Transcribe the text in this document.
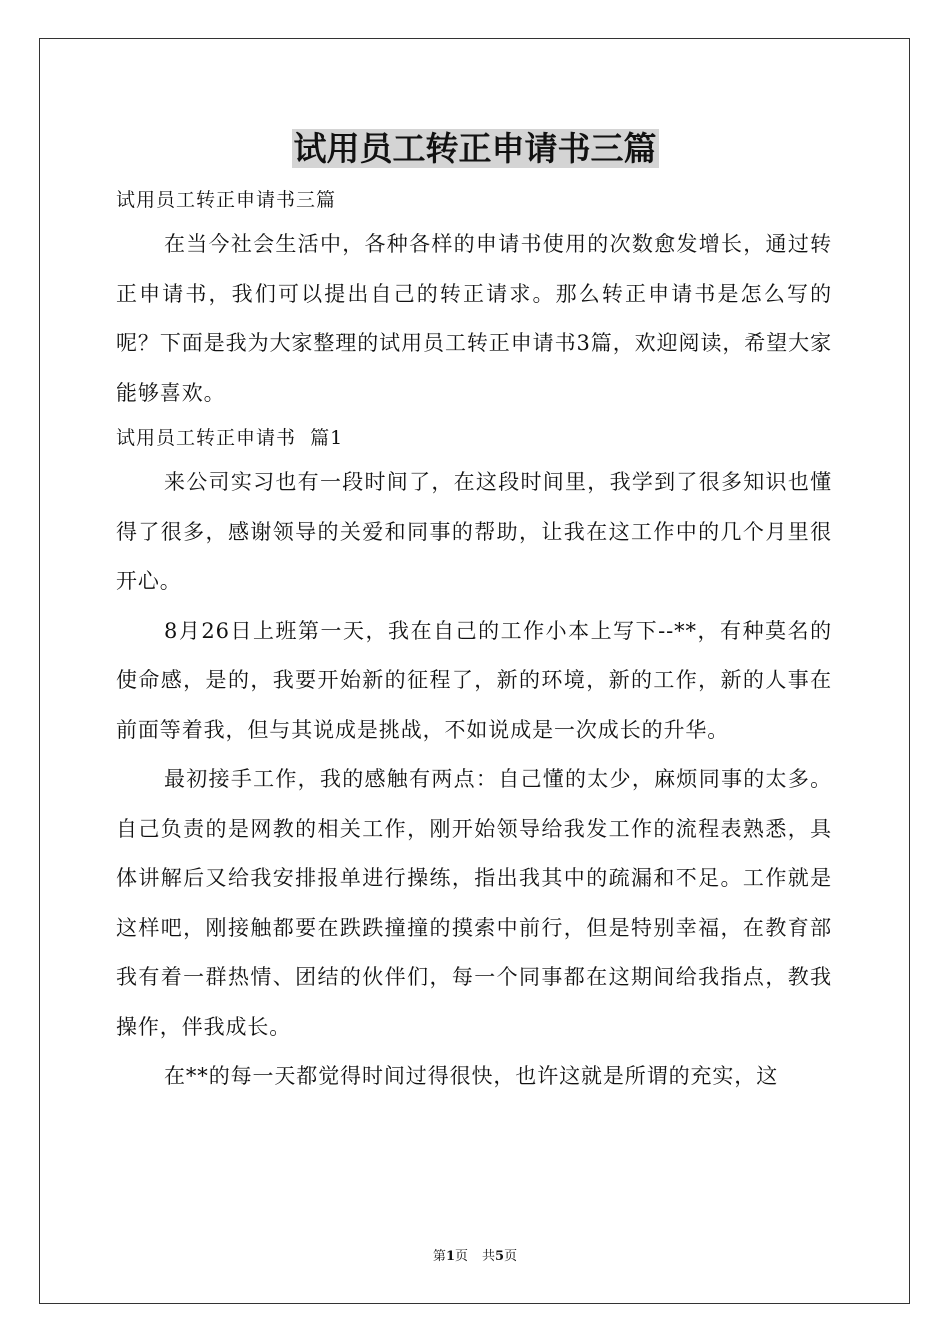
试用员工转正申请书三篇

试用员工转正申请书三篇

在当今社会生活中，各种各样的申请书使用的次数愈发增长，通过转正申请书，我们可以提出自己的转正请求。那么转正申请书是怎么写的呢？下面是我为大家整理的试用员工转正申请书3篇，欢迎阅读，希望大家能够喜欢。

试用员工转正申请书  篇1

来公司实习也有一段时间了，在这段时间里，我学到了很多知识也懂得了很多，感谢领导的关爱和同事的帮助，让我在这工作中的几个月里很开心。

8月26日上班第一天，我在自己的工作小本上写下--**，有种莫名的使命感，是的，我要开始新的征程了，新的环境，新的工作，新的人事在前面等着我，但与其说成是挑战，不如说成是一次成长的升华。

最初接手工作，我的感触有两点：自己懂的太少，麻烦同事的太多。自己负责的是网教的相关工作，刚开始领导给我发工作的流程表熟悉，具体讲解后又给我安排报单进行操练，指出我其中的疏漏和不足。工作就是这样吧，刚接触都要在跌跌撞撞的摸索中前行，但是特别幸福，在教育部我有着一群热情、团结的伙伴们，每一个同事都在这期间给我指点，教我操作，伴我成长。

在**的每一天都觉得时间过得很快，也许这就是所谓的充实，这

第1页 共5页
